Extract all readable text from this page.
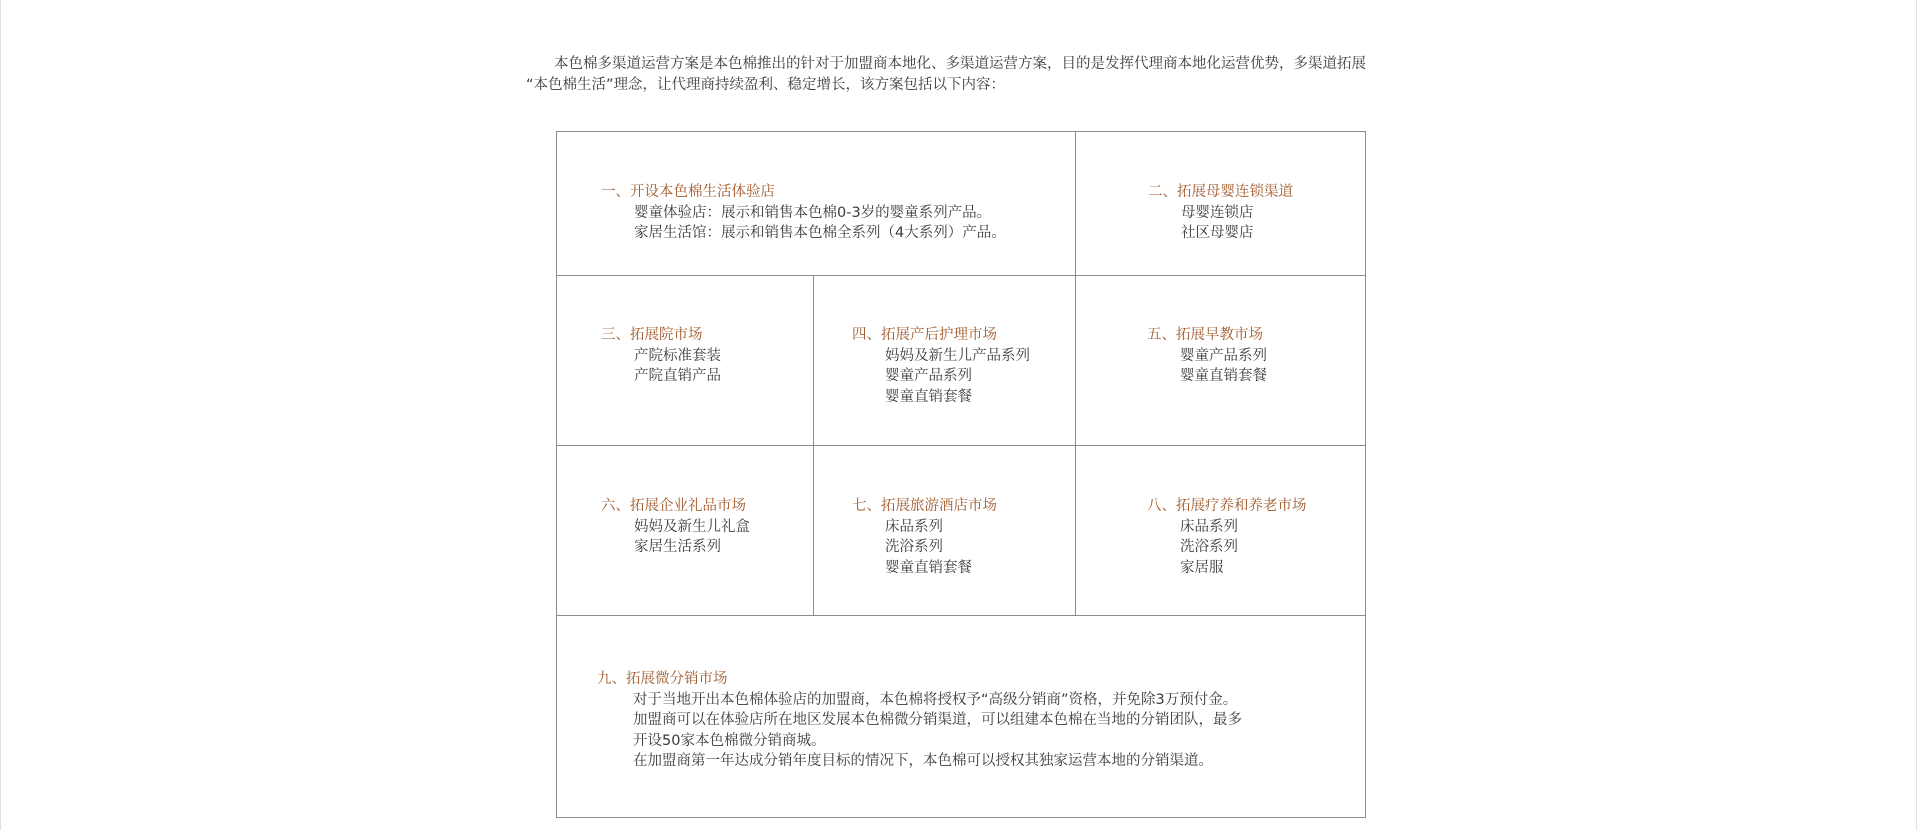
本色棉多渠道运营方案是本色棉推出的针对于加盟商本地化、多渠道运营方案，目的是发挥代理商本地化运营优势，多渠道拓展
“本色棉生活”理念，让代理商持续盈利、稳定增长，该方案包括以下内容：
一、开设本色棉生活体验店
婴童体验店：展示和销售本色棉0-3岁的婴童系列产品。
家居生活馆：展示和销售本色棉全系列（4大系列）产品。
二、拓展母婴连锁渠道
母婴连锁店
社区母婴店
三、拓展院市场
产院标准套装
产院直销产品
四、拓展产后护理市场
妈妈及新生儿产品系列
婴童产品系列
婴童直销套餐
五、拓展早教市场
婴童产品系列
婴童直销套餐
六、拓展企业礼品市场
妈妈及新生儿礼盒
家居生活系列
七、拓展旅游酒店市场
床品系列
洗浴系列
婴童直销套餐
八、拓展疗养和养老市场
床品系列
洗浴系列
家居服
九、拓展微分销市场
对于当地开出本色棉体验店的加盟商，本色棉将授权予“高级分销商”资格，并免除3万预付金。
加盟商可以在体验店所在地区发展本色棉微分销渠道，可以组建本色棉在当地的分销团队，最多
开设50家本色棉微分销商城。
在加盟商第一年达成分销年度目标的情况下，本色棉可以授权其独家运营本地的分销渠道。
